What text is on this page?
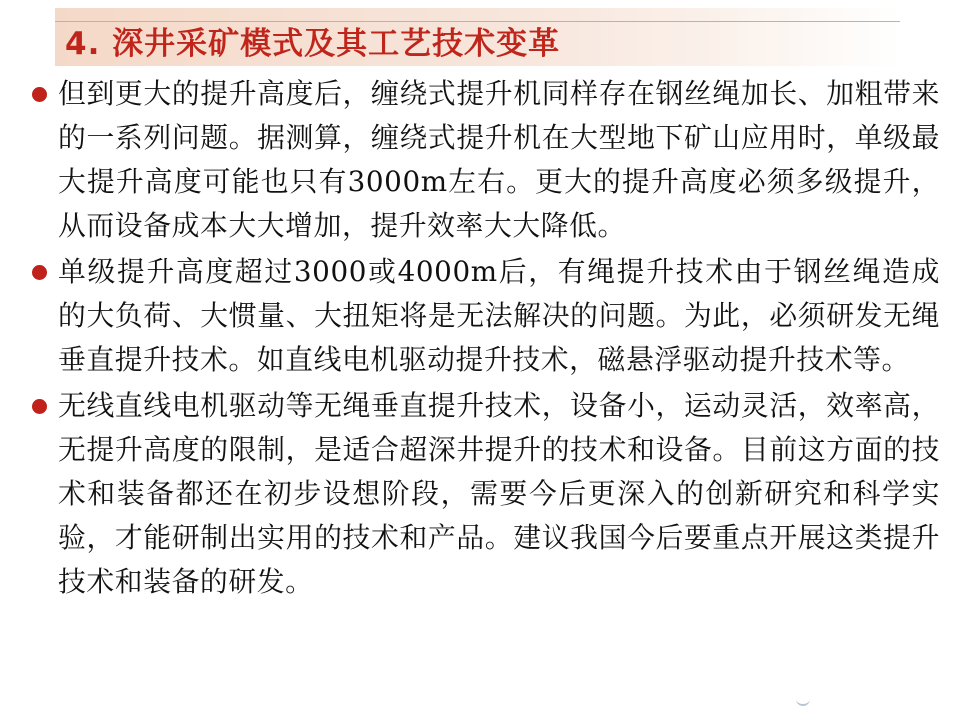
4. 深井采矿模式及其工艺技术变革
但到更大的提升高度后，缠绕式提升机同样存在钢丝绳加长、加粗带来的一系列问题。据测算，缠绕式提升机在大型地下矿山应用时，单级最大提升高度可能也只有3000m左右。更大的提升高度必须多级提升，从而设备成本大大增加，提升效率大大降低。
单级提升高度超过3000或4000m后，有绳提升技术由于钢丝绳造成的大负荷、大惯量、大扭矩将是无法解决的问题。为此，必须研发无绳垂直提升技术。如直线电机驱动提升技术，磁悬浮驱动提升技术等。
无线直线电机驱动等无绳垂直提升技术，设备小，运动灵活，效率高，无提升高度的限制，是适合超深井提升的技术和设备。目前这方面的技术和装备都还在初步设想阶段，需要今后更深入的创新研究和科学实验，才能研制出实用的技术和产品。建议我国今后要重点开展这类提升技术和装备的研发。
